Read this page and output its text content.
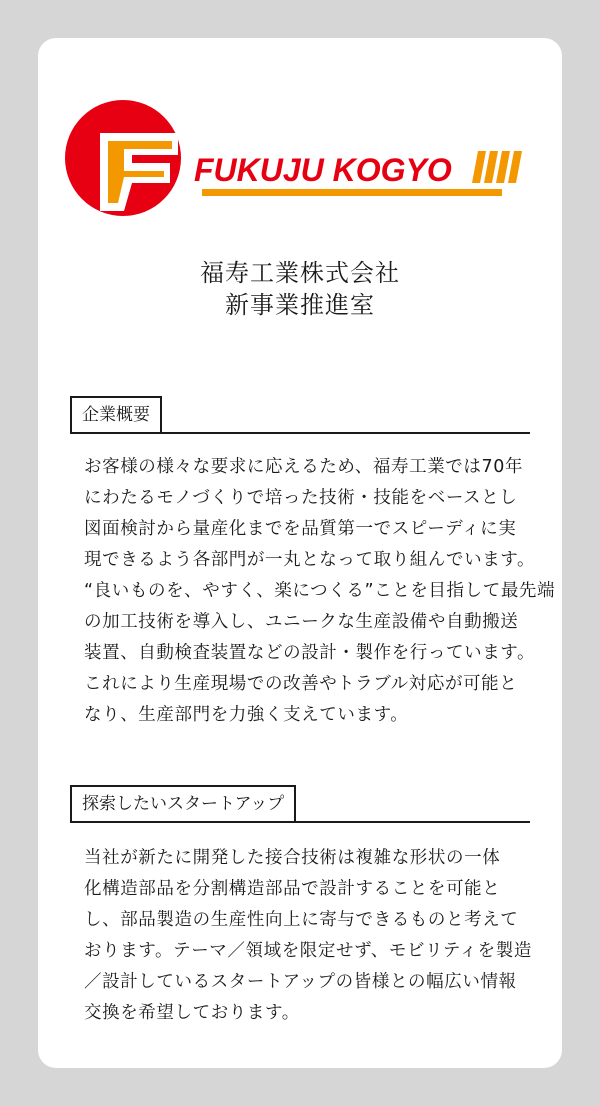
FUKUJU KOGYO
福寿工業株式会社
新事業推進室
企業概要
お客様の様々な要求に応えるため、福寿工業では70年
にわたるモノづくりで培った技術・技能をベースとし
図面検討から量産化までを品質第一でスピーディに実
現できるよう各部門が一丸となって取り組んでいます。
“良いものを、やすく、楽につくる”ことを目指して最先端
の加工技術を導入し、ユニークな生産設備や自動搬送
装置、自動検査装置などの設計・製作を行っています。
これにより生産現場での改善やトラブル対応が可能と
なり、生産部門を力強く支えています。
探索したいスタートアップ
当社が新たに開発した接合技術は複雑な形状の一体
化構造部品を分割構造部品で設計することを可能と
し、部品製造の生産性向上に寄与できるものと考えて
おります。テーマ／領域を限定せず、モビリティを製造
／設計しているスタートアップの皆様との幅広い情報
交換を希望しております。
